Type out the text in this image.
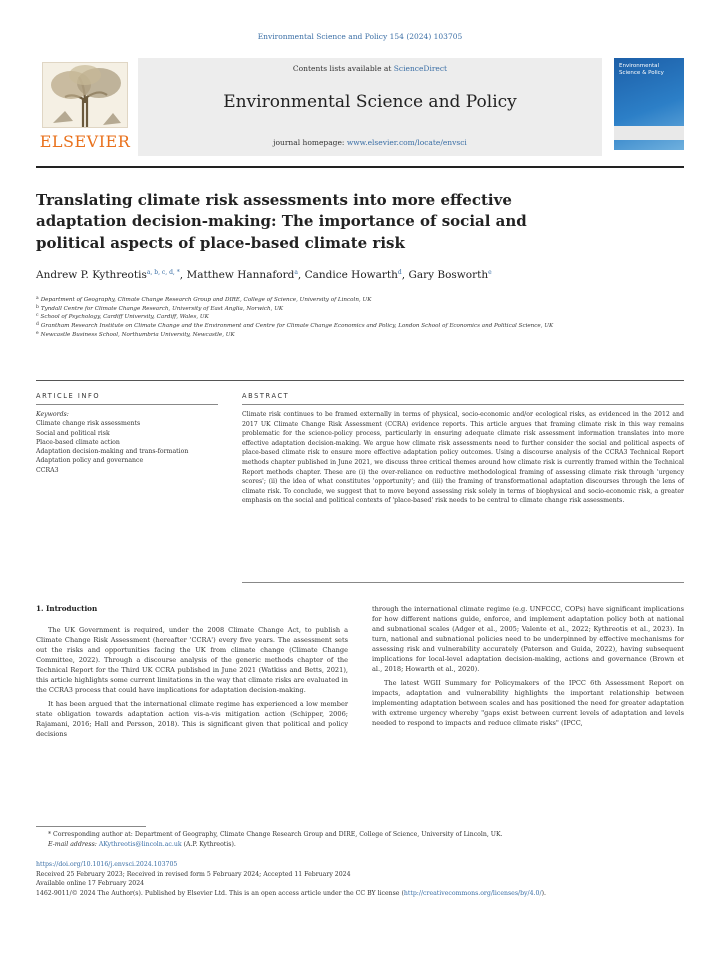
Environmental Science and Policy 154 (2024) 103705
ELSEVIER
Contents lists available at ScienceDirect
Environmental Science and Policy
journal homepage: www.elsevier.com/locate/envsci
Environmental Science & Policy
Translating climate risk assessments into more effective adaptation decision-making: The importance of social and political aspects of place-based climate risk
Andrew P. Kythreotis$^{a, b, c, d, *}$, Matthew Hannaford$^a$, Candice Howarth$^d$, Gary Bosworth$^e$
$^a$ Department of Geography, Climate Change Research Group and DIRE, College of Science, University of Lincoln, UK
$^b$ Tyndall Centre for Climate Change Research, University of East Anglia, Norwich, UK
$^c$ School of Psychology, Cardiff University, Cardiff, Wales, UK
$^d$ Grantham Research Institute on Climate Change and the Environment and Centre for Climate Change Economics and Policy, London School of Economics and Political Science, UK
$^e$ Newcastle Business School, Northumbria University, Newcastle, UK
ARTICLE INFO	ABSTRACT
Keywords:
Climate change risk assessments
Social and political risk
Place-based climate action
Adaptation decision-making and trans-formation
Adaptation policy and governance
CCRA3
Climate risk continues to be framed externally in terms of physical, socio-economic and/or ecological risks, as evidenced in the 2012 and 2017 UK Climate Change Risk Assessment (CCRA) evidence reports. This article argues that framing climate risk in this way remains problematic for the science-policy process, particularly in ensuring adequate climate risk assessment information translates into more effective adaptation decision-making. We argue how climate risk assessments need to further consider the social and political aspects of place-based climate risk to ensure more effective adaptation policy outcomes. Using a discourse analysis of the CCRA3 Technical Report methods chapter published in June 2021, we discuss three critical themes around how climate risk is currently framed within the Technical Report methods chapter. These are (i) the over-reliance on reductive methodological framing of assessing climate risk through 'urgency scores'; (ii) the idea of what constitutes 'opportunity'; and (iii) the framing of transformational adaptation discourses through the lens of climate risk. To conclude, we suggest that to move beyond assessing risk solely in terms of biophysical and socio-economic risk, a greater emphasis on the social and political contexts of 'place-based' risk needs to be central to climate change risk assessments.
1. Introduction

The UK Government is required, under the 2008 Climate Change Act, to publish a Climate Change Risk Assessment (hereafter 'CCRA') every five years. The assessment sets out the risks and opportunities facing the UK from climate change (Climate Change Committee, 2022). Through a discourse analysis of the generic methods chapter of the Technical Report for the Third UK CCRA published in June 2021 (Watkiss and Betts, 2021), this article highlights some current limitations in the way that climate risks are evaluated in the CCRA3 process that could have implications for adaptation decision-making.

It has been argued that the international climate regime has experienced a low member state obligation towards adaptation action vis-a-vis mitigation action (Schipper, 2006; Rajamani, 2016; Hall and Persson, 2018). This is significant given that political and policy decisions

through the international climate regime (e.g. UNFCCC, COPs) have significant implications for how different nations guide, enforce, and implement adaptation policy both at national and subnational scales (Adger et al., 2005; Valente et al., 2022; Kythreotis et al., 2023). In turn, national and subnational policies need to be underpinned by effective mechanisms for assessing risk and vulnerability accurately (Paterson and Guida, 2022), having subsequent implications for local-level adaptation decision-making, actions and governance (Brown et al., 2018; Howarth et al., 2020).

The latest WGII Summary for Policymakers of the IPCC 6th Assessment Report on impacts, adaptation and vulnerability highlights the important relationship between implementing adaptation between scales and has positioned the need for greater adaptation with extreme urgency whereby "gaps exist between current levels of adaptation and levels needed to respond to impacts and reduce climate risks" (IPCC,

* Corresponding author at: Department of Geography, Climate Change Research Group and DIRE, College of Science, University of Lincoln, UK.
E-mail address: AKythreotis@lincoln.ac.uk (A.P. Kythreotis).
https://doi.org/10.1016/j.envsci.2024.103705
Received 25 February 2023; Received in revised form 5 February 2024; Accepted 11 February 2024
Available online 17 February 2024
1462-9011/© 2024 The Author(s). Published by Elsevier Ltd. This is an open access article under the CC BY license (http://creativecommons.org/licenses/by/4.0/).
